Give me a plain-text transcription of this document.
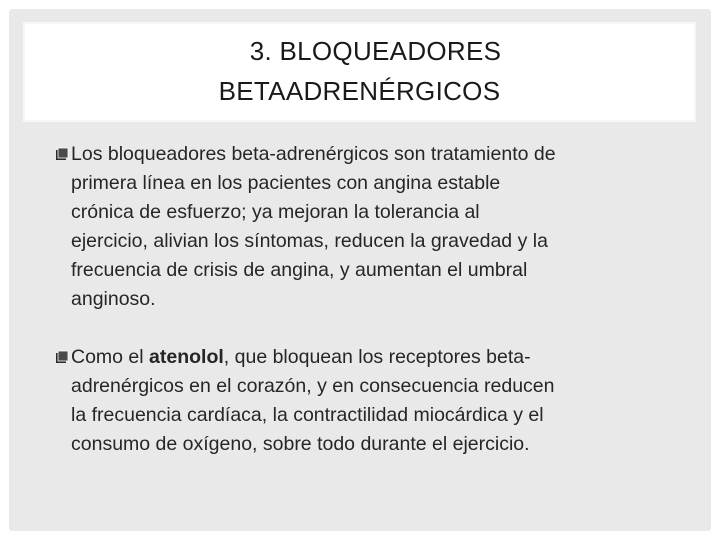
3. BLOQUEADORES
BETAADRENÉRGICOS
Los bloqueadores beta-adrenérgicos son tratamiento de
primera línea en los pacientes con angina estable
crónica de esfuerzo; ya mejoran la tolerancia al
ejercicio, alivian los síntomas, reducen la gravedad y la
frecuencia de crisis de angina, y aumentan el umbral
anginoso.
Como el atenolol, que bloquean los receptores beta-
adrenérgicos en el corazón, y en consecuencia reducen
la frecuencia cardíaca, la contractilidad miocárdica y el
consumo de oxígeno, sobre todo durante el ejercicio.
